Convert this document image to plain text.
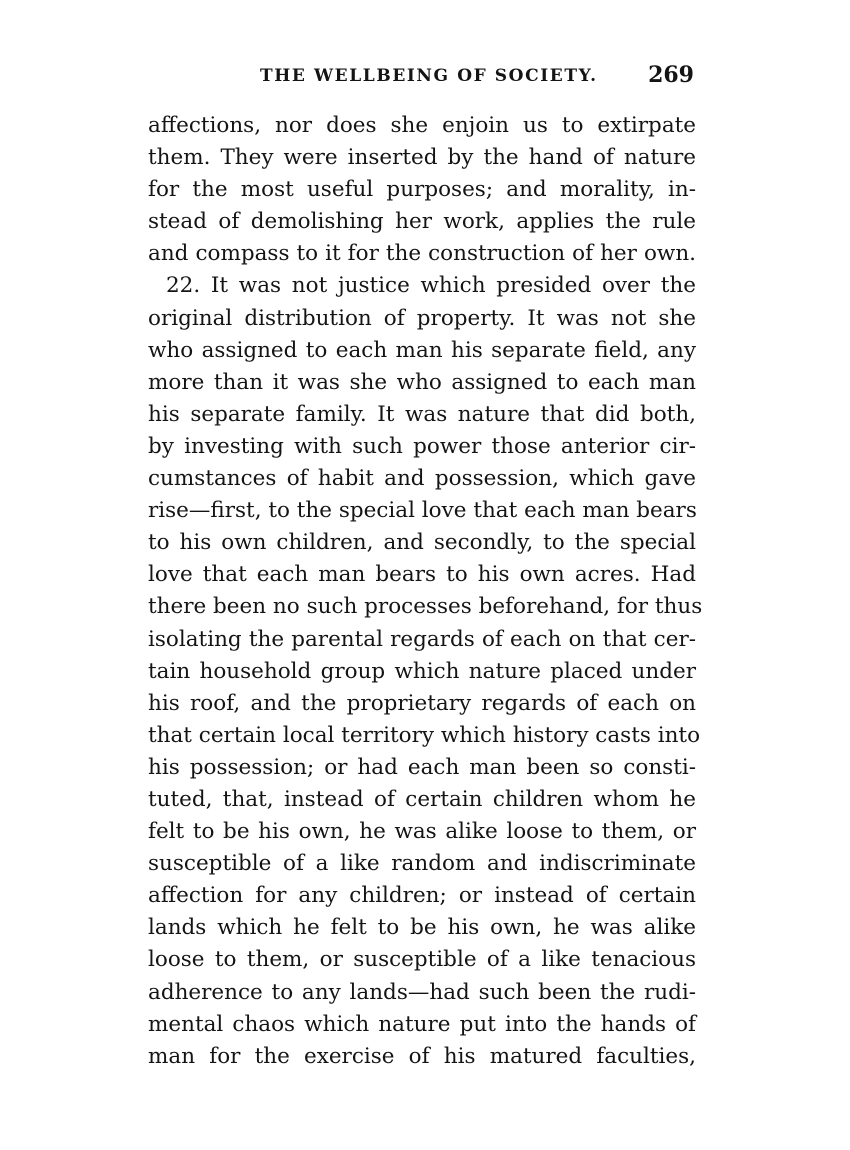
THE WELLBEING OF SOCIETY. 269
affections, nor does she enjoin us to extirpate
them. They were inserted by the hand of nature
for the most useful purposes; and morality, in-
stead of demolishing her work, applies the rule
and compass to it for the construction of her own.
22. It was not justice which presided over the
original distribution of property. It was not she
who assigned to each man his separate field, any
more than it was she who assigned to each man
his separate family. It was nature that did both,
by investing with such power those anterior cir-
cumstances of habit and possession, which gave
rise—first, to the special love that each man bears
to his own children, and secondly, to the special
love that each man bears to his own acres. Had
there been no such processes beforehand, for thus
isolating the parental regards of each on that cer-
tain household group which nature placed under
his roof, and the proprietary regards of each on
that certain local territory which history casts into
his possession; or had each man been so consti-
tuted, that, instead of certain children whom he
felt to be his own, he was alike loose to them, or
susceptible of a like random and indiscriminate
affection for any children; or instead of certain
lands which he felt to be his own, he was alike
loose to them, or susceptible of a like tenacious
adherence to any lands—had such been the rudi-
mental chaos which nature put into the hands of
man for the exercise of his matured faculties,
